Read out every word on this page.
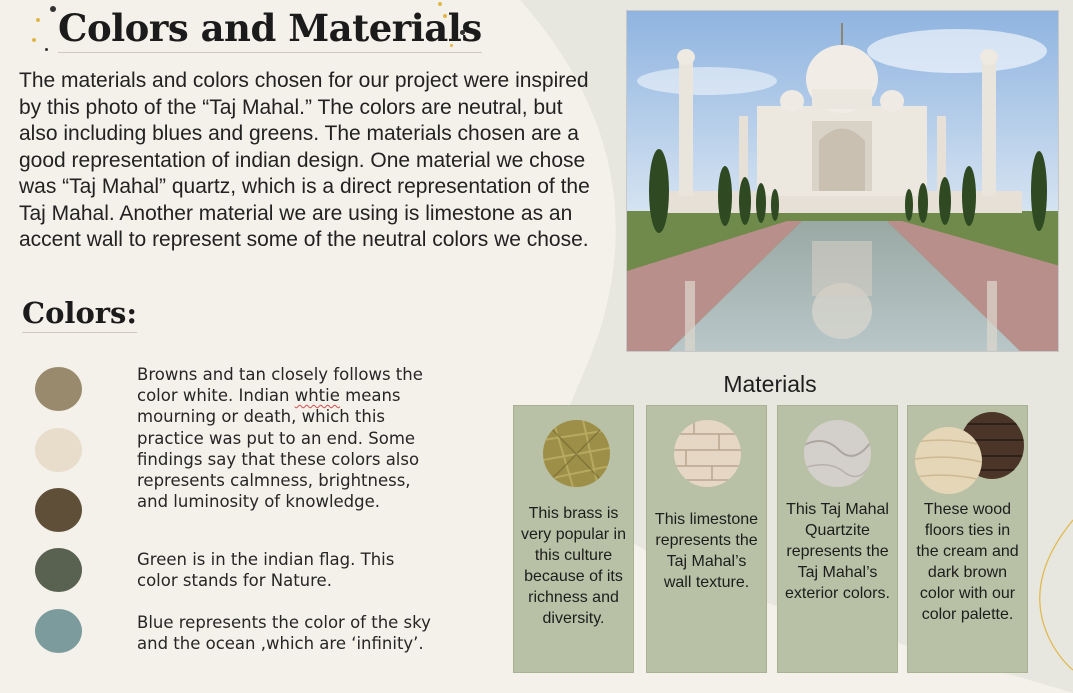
Colors and Materials

The materials and colors chosen for our project were inspired by this photo of the “Taj Mahal.” The colors are neutral, but also including blues and greens. The materials chosen are a good representation of indian design. One material we chose was “Taj Mahal” quartz, which is a direct representation of the Taj Mahal. Another material we are using is limestone as an accent wall to represent some of the neutral colors we chose.

Colors:

Browns and tan closely follows the color white. Indian whtie means mourning or death, which this practice was put to an end. Some findings say that these colors also represents calmness, brightness, and luminosity of knowledge.

Green is in the indian flag. This color stands for Nature.

Blue represents the color of the sky and the ocean ,which are ‘infinity’.

Materials

This brass is very popular in this culture because of its richness and diversity.

This limestone represents the Taj Mahal’s wall texture.

This Taj Mahal Quartzite represents the Taj Mahal’s exterior colors.

These wood floors ties in the cream and dark brown color with our color palette.
